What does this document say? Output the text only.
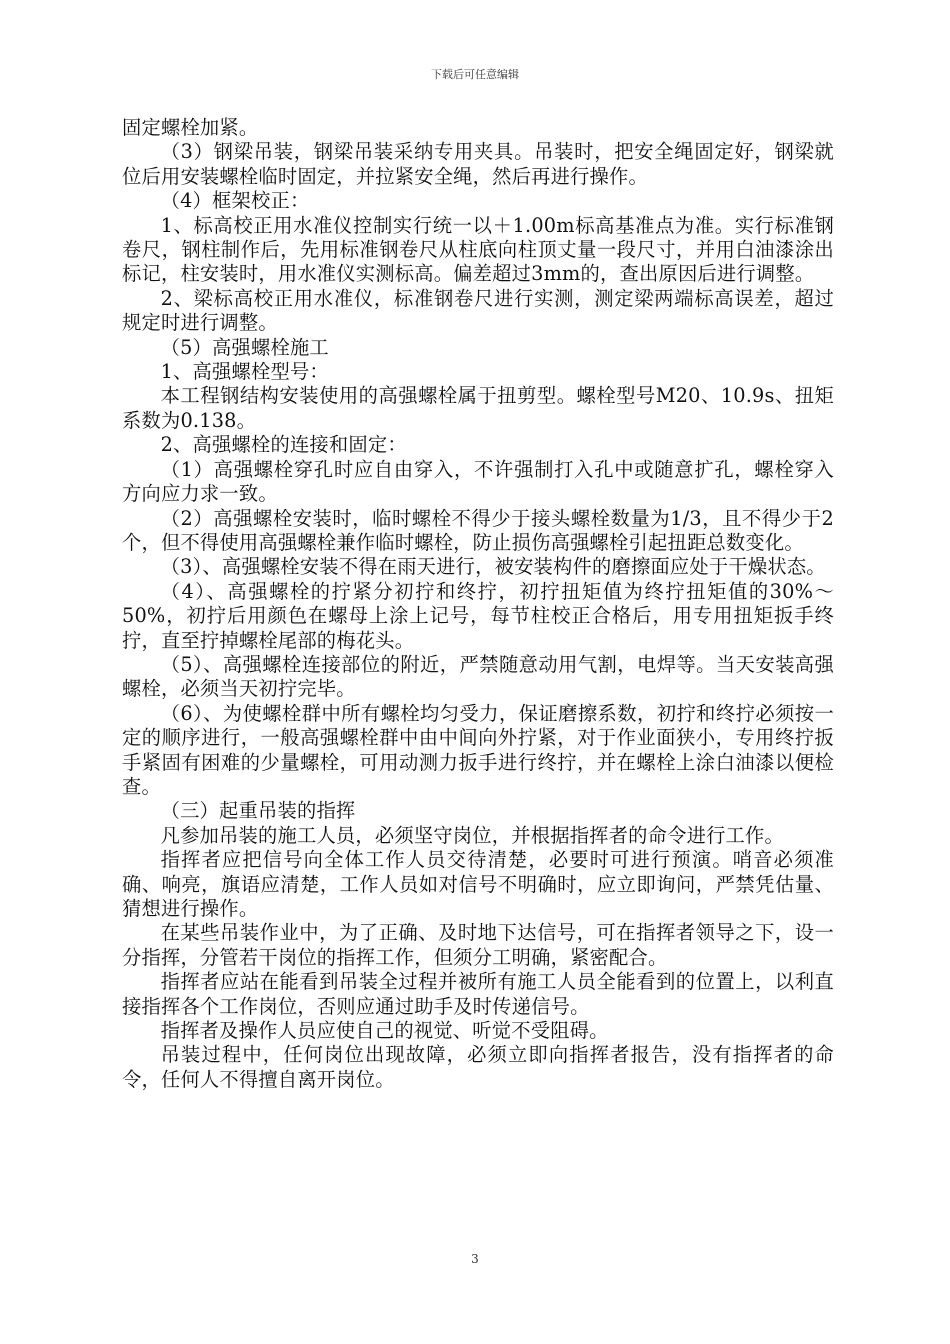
下载后可任意编辑

固定螺栓加紧。

（3）钢梁吊装，钢梁吊装采纳专用夹具。吊装时，把安全绳固定好，钢梁就位后用安装螺栓临时固定，并拉紧安全绳，然后再进行操作。

（4）框架校正：

1、标高校正用水准仪控制实行统一以＋1.00m标高基准点为准。实行标准钢卷尺，钢柱制作后，先用标准钢卷尺从柱底向柱顶丈量一段尺寸，并用白油漆涂出标记，柱安装时，用水准仪实测标高。偏差超过3mm的，查出原因后进行调整。

2、梁标高校正用水准仪，标准钢卷尺进行实测，测定梁两端标高误差，超过规定时进行调整。

（5）高强螺栓施工

1、高强螺栓型号：

本工程钢结构安装使用的高强螺栓属于扭剪型。螺栓型号M20、10.9s、扭矩系数为0.138。

2、高强螺栓的连接和固定：

（1）高强螺栓穿孔时应自由穿入，不许强制打入孔中或随意扩孔，螺栓穿入方向应力求一致。

（2）高强螺栓安装时，临时螺栓不得少于接头螺栓数量为1/3，且不得少于2个，但不得使用高强螺栓兼作临时螺栓，防止损伤高强螺栓引起扭距总数变化。

（3）、高强螺栓安装不得在雨天进行，被安装构件的磨擦面应处于干燥状态。

（4）、高强螺栓的拧紧分初拧和终拧，初拧扭矩值为终拧扭矩值的30%～50%，初拧后用颜色在螺母上涂上记号，每节柱校正合格后，用专用扭矩扳手终拧，直至拧掉螺栓尾部的梅花头。

（5）、高强螺栓连接部位的附近，严禁随意动用气割，电焊等。当天安装高强螺栓，必须当天初拧完毕。

（6）、为使螺栓群中所有螺栓均匀受力，保证磨擦系数，初拧和终拧必须按一定的顺序进行，一般高强螺栓群中由中间向外拧紧，对于作业面狭小，专用终拧扳手紧固有困难的少量螺栓，可用动测力扳手进行终拧，并在螺栓上涂白油漆以便检查。

（三）起重吊装的指挥

凡参加吊装的施工人员，必须坚守岗位，并根据指挥者的命令进行工作。

指挥者应把信号向全体工作人员交待清楚，必要时可进行预演。哨音必须准确、响亮，旗语应清楚，工作人员如对信号不明确时，应立即询问，严禁凭估量、猜想进行操作。

在某些吊装作业中，为了正确、及时地下达信号，可在指挥者领导之下，设一分指挥，分管若干岗位的指挥工作，但须分工明确，紧密配合。

指挥者应站在能看到吊装全过程并被所有施工人员全能看到的位置上，以利直接指挥各个工作岗位，否则应通过助手及时传递信号。

指挥者及操作人员应使自己的视觉、听觉不受阻碍。

吊装过程中，任何岗位出现故障，必须立即向指挥者报告，没有指挥者的命令，任何人不得擅自离开岗位。

3
